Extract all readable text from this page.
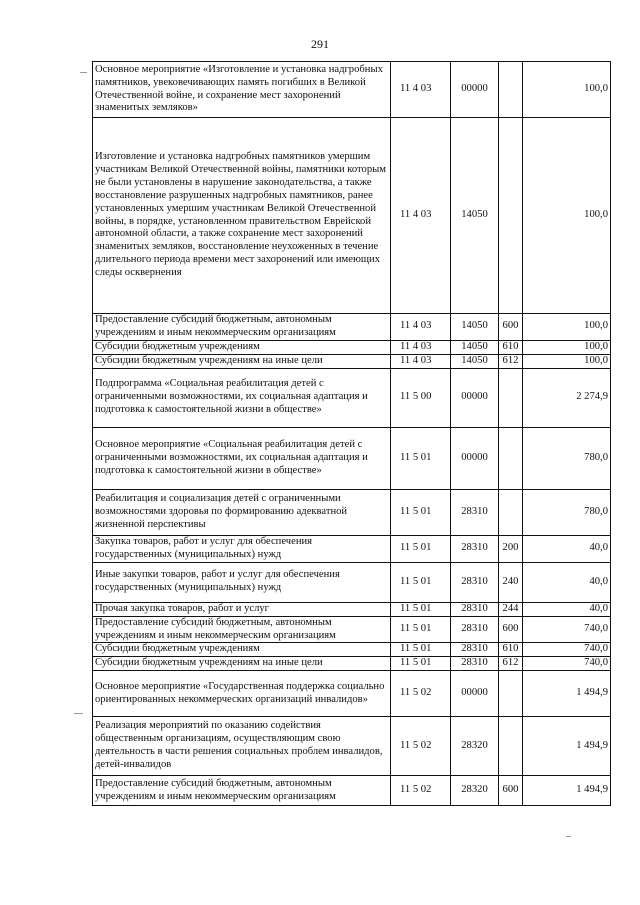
291
Основное мероприятие «Изготовление и установка надгробных памятников, увековечивающих память погибших в Великой Отечественной войне, и сохранение мест захоронений знаменитых земляков»	11 4 03	00000		100,0
Изготовление и установка надгробных памятников умершим участникам Великой Отечественной войны, памятники которым не были установлены в нарушение законодательства, а также восстановление разрушенных надгробных памятников, ранее установленных умершим участникам Великой Отечественной войны, в порядке, установленном правительством Еврейской автономной области, а также сохранение мест захоронений знаменитых земляков, восстановление неухоженных в течение длительного периода времени мест захоронений или имеющих следы осквернения	11 4 03	14050		100,0
Предоставление субсидий бюджетным, автономным учреждениям и иным некоммерческим организациям	11 4 03	14050	600	100,0
Субсидии бюджетным учреждениям	11 4 03	14050	610	100,0
Субсидии бюджетным учреждениям на иные цели	11 4 03	14050	612	100,0
Подпрограмма «Социальная реабилитация детей с ограниченными возможностями, их социальная адаптация и подготовка к самостоятельной жизни в обществе»	11 5 00	00000		2 274,9
Основное мероприятие «Социальная реабилитация детей с ограниченными возможностями, их социальная адаптация и подготовка к самостоятельной жизни в обществе»	11 5 01	00000		780,0
Реабилитация и социализация детей с ограниченными возможностями здоровья по формированию адекватной жизненной перспективы	11 5 01	28310		780,0
Закупка товаров, работ и услуг для обеспечения государственных (муниципальных) нужд	11 5 01	28310	200	40,0
Иные закупки товаров, работ и услуг для обеспечения государственных (муниципальных) нужд	11 5 01	28310	240	40,0
Прочая закупка товаров, работ и услуг	11 5 01	28310	244	40,0
Предоставление субсидий бюджетным, автономным учреждениям и иным некоммерческим организациям	11 5 01	28310	600	740,0
Субсидии бюджетным учреждениям	11 5 01	28310	610	740,0
Субсидии бюджетным учреждениям на иные цели	11 5 01	28310	612	740,0
Основное мероприятие «Государственная поддержка социально ориентированных некоммерческих организаций инвалидов»	11 5 02	00000		1 494,9
Реализация мероприятий по оказанию содействия общественным организациям, осуществляющим свою деятельность в части решения социальных проблем инвалидов, детей-инвалидов	11 5 02	28320		1 494,9
Предоставление субсидий бюджетным, автономным учреждениям и иным некоммерческим организациям	11 5 02	28320	600	1 494,9
